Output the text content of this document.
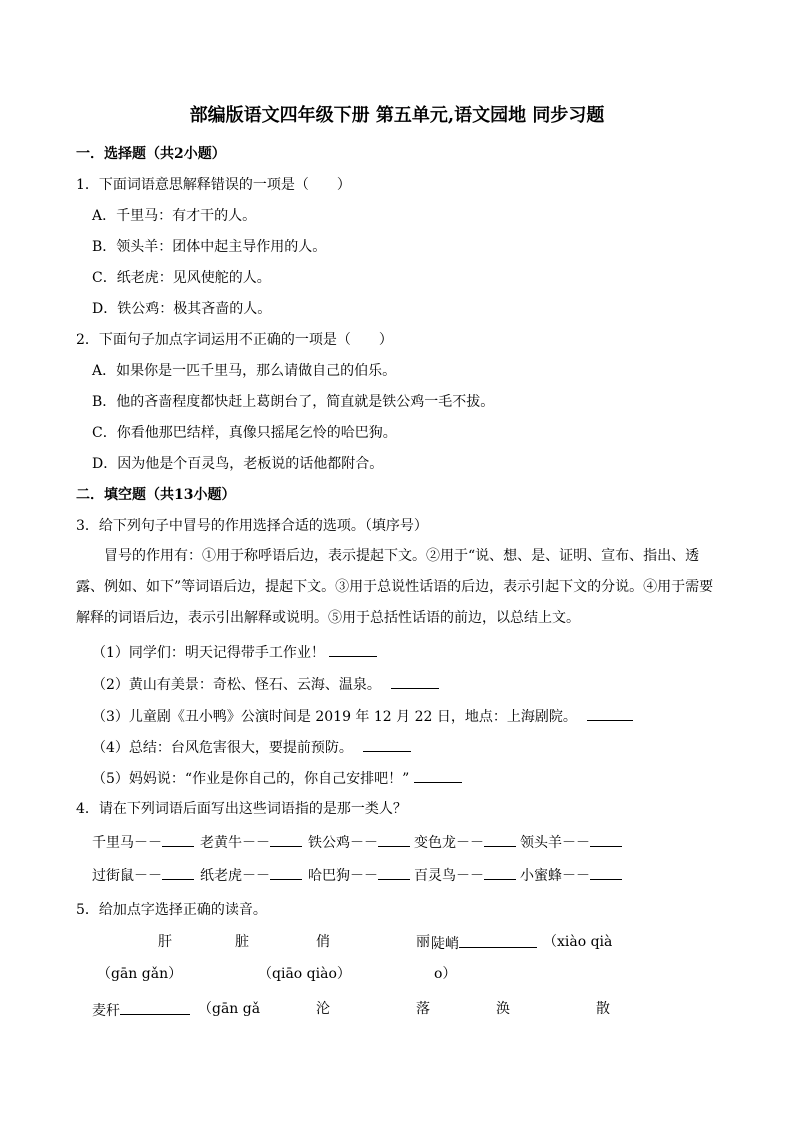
部编版语文四年级下册 第五单元,语文园地 同步习题
一．选择题（共2小题）
1．下面词语意思解释错误的一项是（　　）
A．千里马：有才干的人。
B．领头羊：团体中起主导作用的人。
C．纸老虎：见风使舵的人。
D．铁公鸡：极其吝啬的人。
2．下面句子加点字词运用不正确的一项是（　　）
A．如果你是一匹千里马，那么请做自己的伯乐。
B．他的吝啬程度都快赶上葛朗台了，简直就是铁公鸡一毛不拔。
C．你看他那巴结样，真像只摇尾乞怜的哈巴狗。
D．因为他是个百灵鸟，老板说的话他都附合。
二．填空题（共13小题）
3．给下列句子中冒号的作用选择合适的选项。（填序号）
冒号的作用有：①用于称呼语后边，表示提起下文。②用于“说、想、是、证明、宣布、指出、透露、例如、如下”等词语后边，提起下文。③用于总说性话语的后边，表示引起下文的分说。④用于需要解释的词语后边，表示引出解释或说明。⑤用于总括性话语的前边，以总结上文。
（1）同学们：明天记得带手工作业！
（2）黄山有美景：奇松、怪石、云海、温泉。
（3）儿童剧《丑小鸭》公演时间是 2019 年 12 月 22 日，地点：上海剧院。
（4）总结：台风危害很大，要提前预防。
（5）妈妈说：“作业是你自己的，你自己安排吧！”
4．请在下列词语后面写出这些词语指的是那一类人？
千里马－－	老黄牛－－	铁公鸡－－	变色龙－－	领头羊－－
过街鼠－－	纸老虎－－	哈巴狗－－	百灵鸟－－	小蜜蜂－－
5．给加点字选择正确的读音。
肝	脏	俏	丽 陡峭	（xiào qià
（gān gǎn）	（qiāo qiào）	o）
麦秆	（gān gǎ	沦	落	涣	散
